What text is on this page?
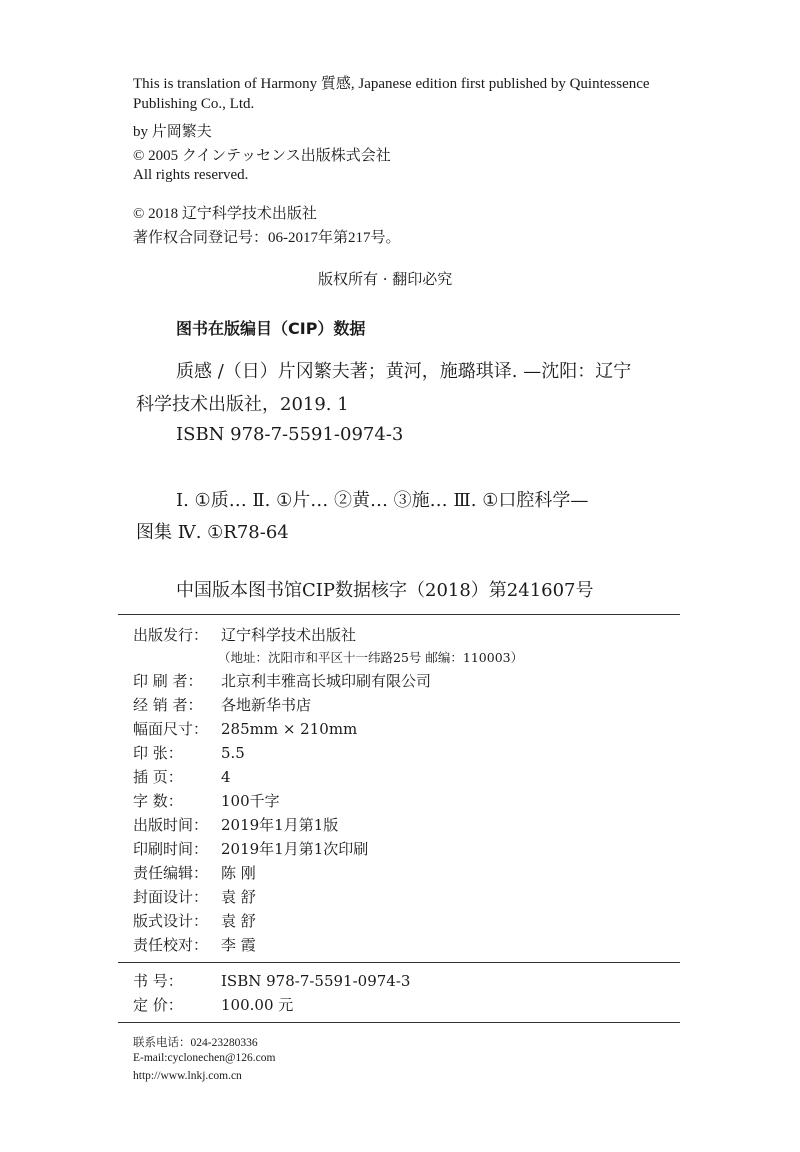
This is translation of Harmony 質感, Japanese edition first published by Quintessence
Publishing Co., Ltd.
by 片岡繁夫
© 2005 クインテッセンス出版株式会社
All rights reserved.
© 2018 辽宁科学技术出版社
著作权合同登记号：06-2017年第217号。
版权所有 · 翻印必究
图书在版编目（CIP）数据
质感 /（日）片冈繁夫著；黄河，施璐琪译. —沈阳：辽宁
科学技术出版社，2019. 1
ISBN 978-7-5591-0974-3
Ⅰ. ①质… Ⅱ. ①片… ②黄… ③施… Ⅲ. ①口腔科学—
图集 Ⅳ. ①R78-64
中国版本图书馆CIP数据核字（2018）第241607号
出版发行： 辽宁科学技术出版社
（地址：沈阳市和平区十一纬路25号 邮编：110003）
印 刷 者： 北京利丰雅高长城印刷有限公司
经 销 者： 各地新华书店
幅面尺寸： 285mm × 210mm
印 张：	5.5
插 页：	4
字 数：	100千字
出版时间： 2019年1月第1版
印刷时间： 2019年1月第1次印刷
责任编辑： 陈 刚
封面设计： 袁 舒
版式设计： 袁 舒
责任校对： 李 霞
书 号：	ISBN 978-7-5591-0974-3
定 价：	100.00 元
联系电话：024-23280336
E-mail:cyclonechen@126.com
http://www.lnkj.com.cn
